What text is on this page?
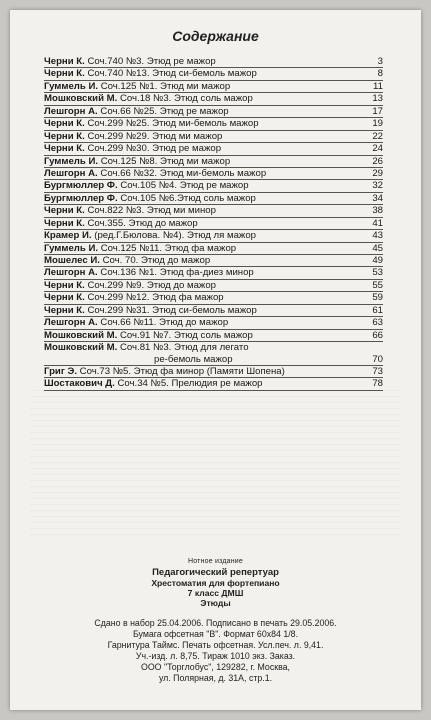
Содержание
Черни К. Соч.740 №3. Этюд ре мажор	3
Черни К. Соч.740 №13. Этюд си-бемоль мажор	8
Гуммель И. Соч.125 №1. Этюд ми мажор	11
Мошковский М. Соч.18 №3. Этюд соль мажор	13
Лешгорн А. Соч.66 №25. Этюд ре мажор	17
Черни К. Соч.299 №25. Этюд ми-бемоль мажор	19
Черни К. Соч.299 №29. Этюд ми мажор	22
Черни К. Соч.299 №30. Этюд ре мажор	24
Гуммель И. Соч.125 №8. Этюд ми мажор	26
Лешгорн А. Соч.66 №32. Этюд ми-бемоль мажор	29
Бургмюллер Ф. Соч.105 №4. Этюд ре мажор	32
Бургмюллер Ф. Соч.105 №6.Этюд соль мажор	34
Черни К. Соч.822 №3. Этюд ми минор	38
Черни К. Соч.355. Этюд до мажор	41
Крамер И. (ред.Г.Бюлова. №4). Этюд ля мажор	43
Гуммель И. Соч.125 №11. Этюд фа мажор	45
Мошелес И. Соч. 70. Этюд до мажор	49
Лешгорн А. Соч.136 №1. Этюд фа-диез минор	53
Черни К. Соч.299 №9. Этюд до мажор	55
Черни К. Соч.299 №12. Этюд фа мажор	59
Черни К. Соч.299 №31. Этюд си-бемоль мажор	61
Лешгорн А. Соч.66 №11. Этюд до мажор	63
Мошковский М. Соч.91 №7. Этюд соль мажор	66
Мошковский М. Соч.81 №3. Этюд для легато
ре-бемоль мажор	70
Григ Э. Соч.73 №5. Этюд фа минор (Памяти Шопена)	73
Шостакович Д. Соч.34 №5. Прелюдия ре мажор	78
Нотное издание
Педагогический репертуар
Хрестоматия для фортепиано
7 класс ДМШ
Этюды
Сдано в набор 25.04.2006. Подписано в печать 29.05.2006.
Бумага офсетная "В". Формат 60х84 1/8.
Гарнитура Таймс. Печать офсетная. Усл.печ. л. 9,41.
Уч.-изд. л. 8,75. Тираж 1010 экз. Заказ.
ООО "Торглобус", 129282, г. Москва,
ул. Полярная, д. 31А, стр.1.
